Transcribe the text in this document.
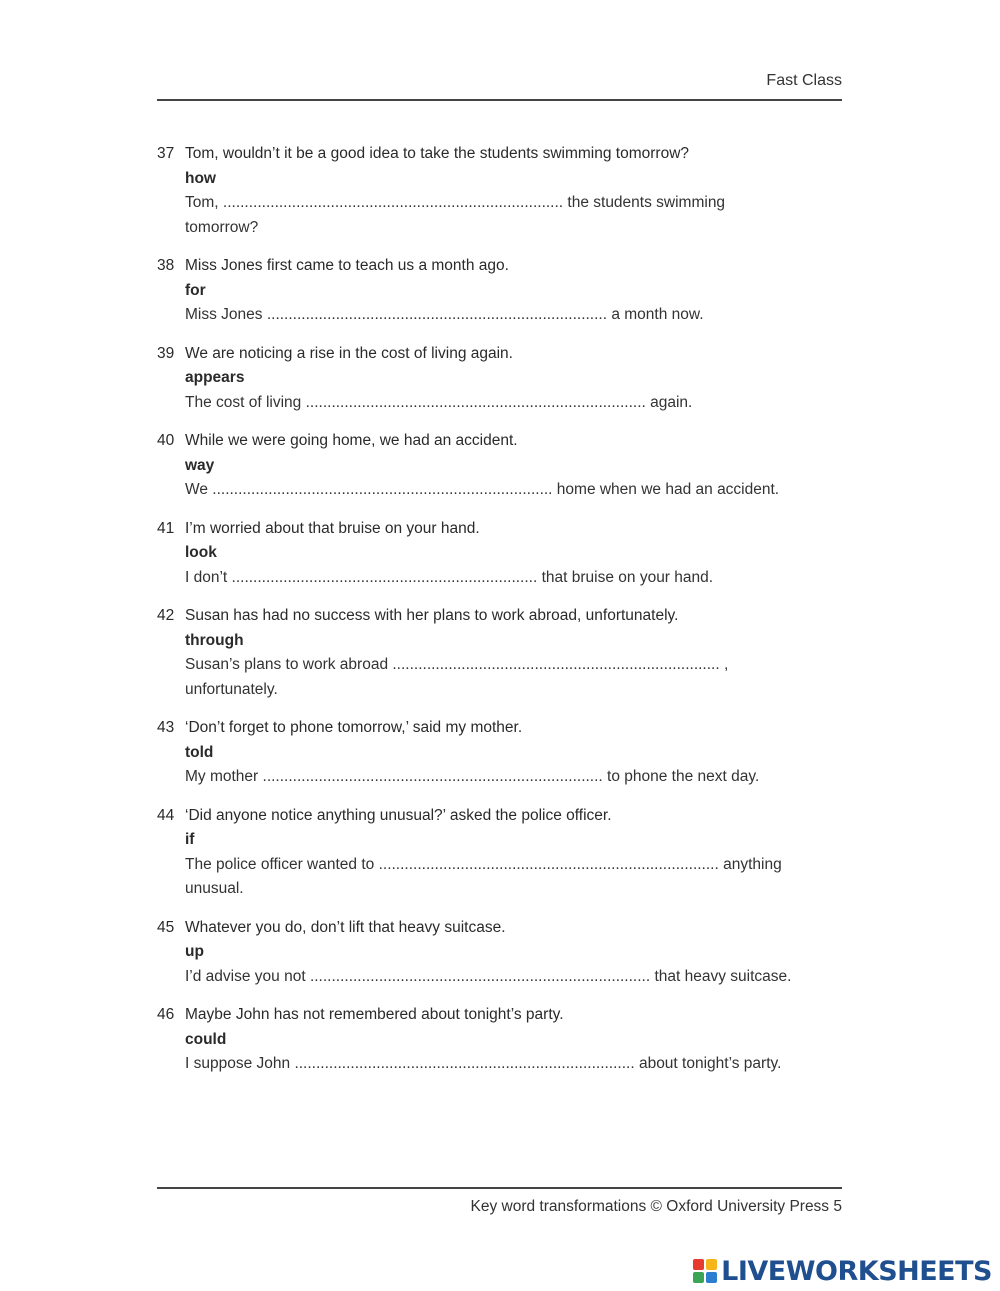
Fast Class
37 Tom, wouldn’t it be a good idea to take the students swimming tomorrow?
how
Tom, ............................................................................... the students swimming tomorrow?
38 Miss Jones first came to teach us a month ago.
for
Miss Jones ............................................................................... a month now.
39 We are noticing a rise in the cost of living again.
appears
The cost of living ............................................................................... again.
40 While we were going home, we had an accident.
way
We ............................................................................... home when we had an accident.
41 I’m worried about that bruise on your hand.
look
I don’t ....................................................................... that bruise on your hand.
42 Susan has had no success with her plans to work abroad, unfortunately.
through
Susan’s plans to work abroad ............................................................................ , unfortunately.
43 ‘Don’t forget to phone tomorrow,’ said my mother.
told
My mother ............................................................................... to phone the next day.
44 ‘Did anyone notice anything unusual?’ asked the police officer.
if
The police officer wanted to ............................................................................... anything unusual.
45 Whatever you do, don’t lift that heavy suitcase.
up
I’d advise you not ............................................................................... that heavy suitcase.
46 Maybe John has not remembered about tonight’s party.
could
I suppose John ............................................................................... about tonight’s party.
Key word transformations © Oxford University Press 5
LIVEWORKSHEETS
